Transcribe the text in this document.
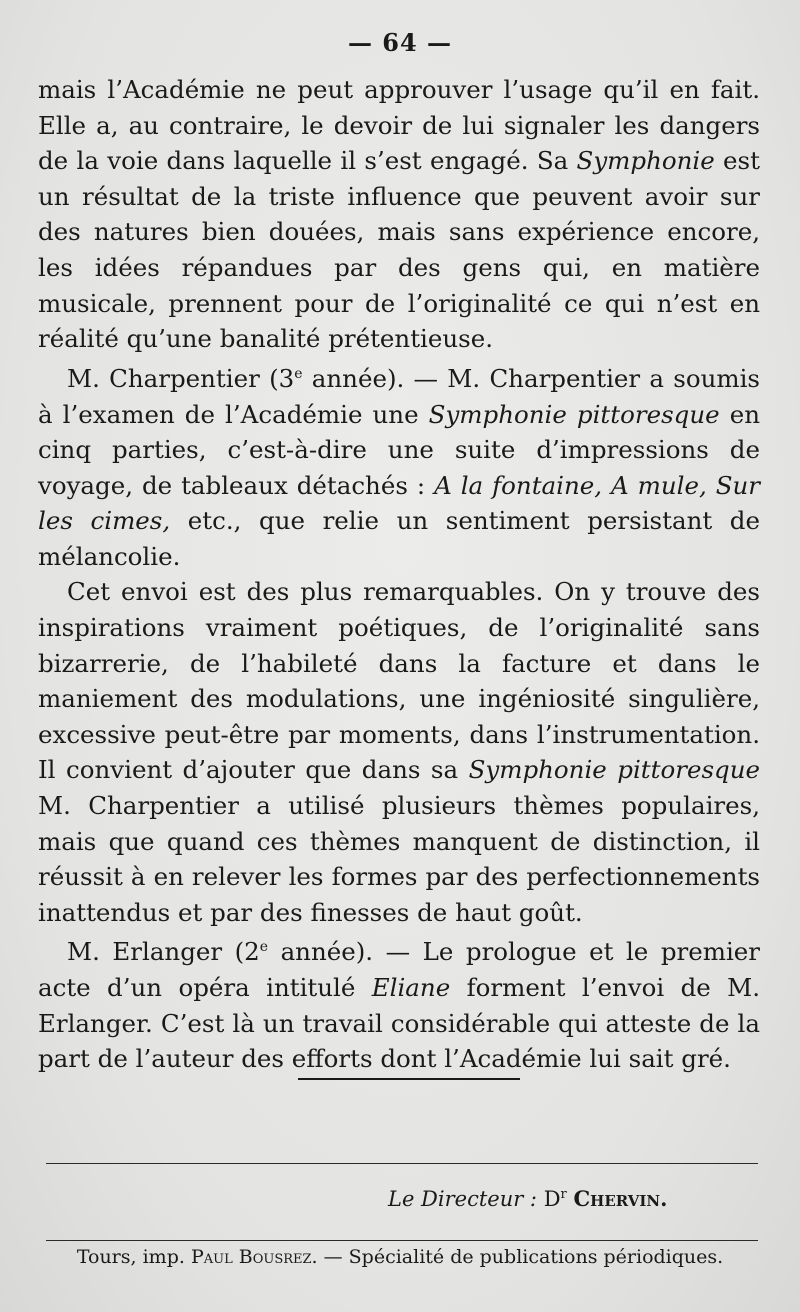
— 64 —

mais l’Académie ne peut approuver l’usage qu’il en fait. Elle a, au contraire, le devoir de lui signaler les dangers de la voie dans laquelle il s’est engagé. Sa Symphonie est un résultat de la triste influence que peuvent avoir sur des natures bien douées, mais sans expérience encore, les idées répandues par des gens qui, en matière musicale, prennent pour de l’originalité ce qui n’est en réalité qu’une banalité prétentieuse.

M. Charpentier (3e année). — M. Charpentier a soumis à l’examen de l’Académie une Symphonie pittoresque en cinq parties, c’est-à-dire une suite d’impressions de voyage, de tableaux détachés : A la fontaine, A mule, Sur les cimes, etc., que relie un sentiment persistant de mélancolie.

Cet envoi est des plus remarquables. On y trouve des inspirations vraiment poétiques, de l’originalité sans bizarrerie, de l’habileté dans la facture et dans le maniement des modulations, une ingéniosité singulière, excessive peut-être par moments, dans l’instrumentation. Il convient d’ajouter que dans sa Symphonie pittoresque M. Charpentier a utilisé plusieurs thèmes populaires, mais que quand ces thèmes manquent de distinction, il réussit à en relever les formes par des perfectionnements inattendus et par des finesses de haut goût.

M. Erlanger (2e année). — Le prologue et le premier acte d’un opéra intitulé Eliane forment l’envoi de M. Erlanger. C’est là un travail considérable qui atteste de la part de l’auteur des efforts dont l’Académie lui sait gré.

Le Directeur : $D^r$ Chervin.
Tours, imp. Paul Bousrez. — Spécialité de publications périodiques.
